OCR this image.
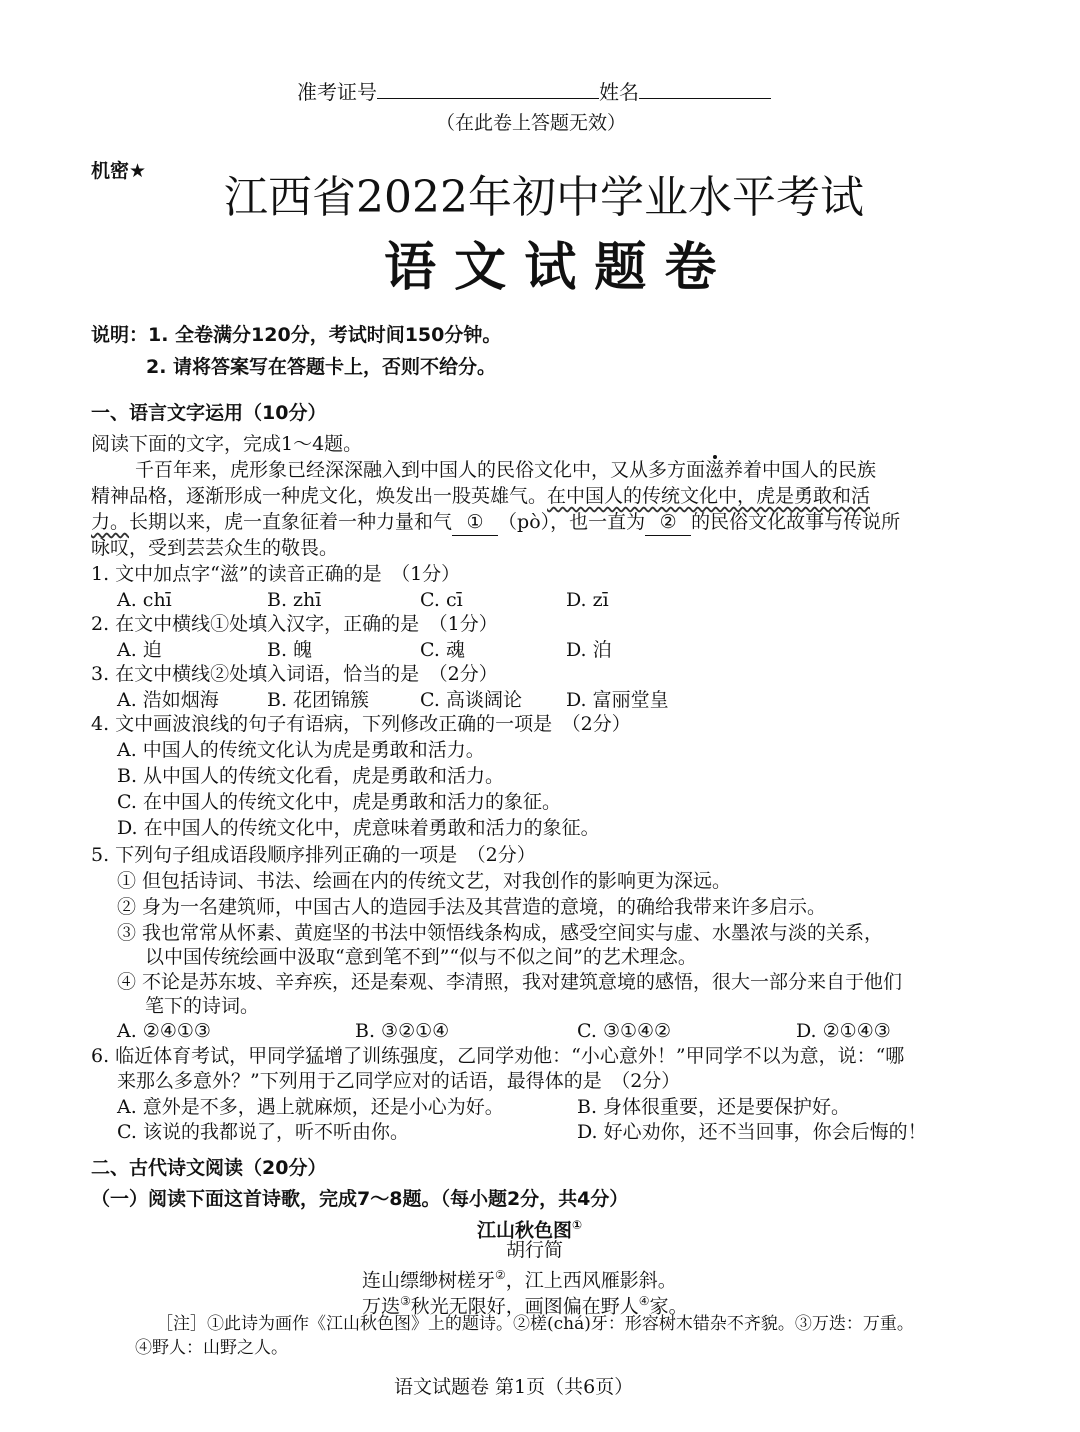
准考证号	姓名
（在此卷上答题无效）
机密★
江西省2022年初中学业水平考试
语 文 试 题 卷
说明：1. 全卷满分120分，考试时间150分钟。
2. 请将答案写在答题卡上，否则不给分。
一、语言文字运用（10分）
阅读下面的文字，完成1～4题。
千百年来，虎形象已经深深融入到中国人的民俗文化中，又从多方面滋养着中国人的民族
精神品格，逐渐形成一种虎文化，焕发出一股英雄气。在中国人的传统文化中，虎是勇敢和活
力。长期以来，虎一直象征着一种力量和气 ① （pò），也一直为 ② 的民俗文化故事与传说所
咏叹，受到芸芸众生的敬畏。
1. 文中加点字“滋”的读音正确的是　（1分）
A. chī	B. zhī	C. cī	D. zī
2. 在文中横线①处填入汉字，正确的是　（1分）
A. 迫	B. 魄	C. 魂	D. 泊
3. 在文中横线②处填入词语，恰当的是　（2分）
A. 浩如烟海	B. 花团锦簇	C. 高谈阔论 D. 富丽堂皇
4. 文中画波浪线的句子有语病，下列修改正确的一项是　（2分）
A. 中国人的传统文化认为虎是勇敢和活力。
B. 从中国人的传统文化看，虎是勇敢和活力。
C. 在中国人的传统文化中，虎是勇敢和活力的象征。
D. 在中国人的传统文化中，虎意味着勇敢和活力的象征。
5. 下列句子组成语段顺序排列正确的一项是　（2分）
① 但包括诗词、书法、绘画在内的传统文艺，对我创作的影响更为深远。
② 身为一名建筑师，中国古人的造园手法及其营造的意境，的确给我带来许多启示。
③ 我也常常从怀素、黄庭坚的书法中领悟线条构成，感受空间实与虚、水墨浓与淡的关系，
以中国传统绘画中汲取“意到笔不到”“似与不似之间”的艺术理念。
④ 不论是苏东坡、辛弃疾，还是秦观、李清照，我对建筑意境的感悟，很大一部分来自于他们
笔下的诗词。
A. ②④①③	B. ③②①④	C. ③①④②	D. ②①④③
6. 临近体育考试，甲同学猛增了训练强度，乙同学劝他：“小心意外！”甲同学不以为意，说：“哪
来那么多意外？”下列用于乙同学应对的话语，最得体的是　（2分）
A. 意外是不多，遇上就麻烦，还是小心为好。	B. 身体很重要，还是要保护好。
C. 该说的我都说了，听不听由你。	D. 好心劝你，还不当回事，你会后悔的！
二、古代诗文阅读（20分）
（一）阅读下面这首诗歌，完成7～8题。（每小题2分，共4分）
江山秋色图①
胡行简
连山缥缈树槎牙②，江上西风雁影斜。
万迭③秋光无限好，画图偏在野人④家。
［注］①此诗为画作《江山秋色图》上的题诗。②槎(chá)牙：形容树木错杂不齐貌。③万迭：万重。
④野人：山野之人。
语文试题卷 第1页（共6页）
